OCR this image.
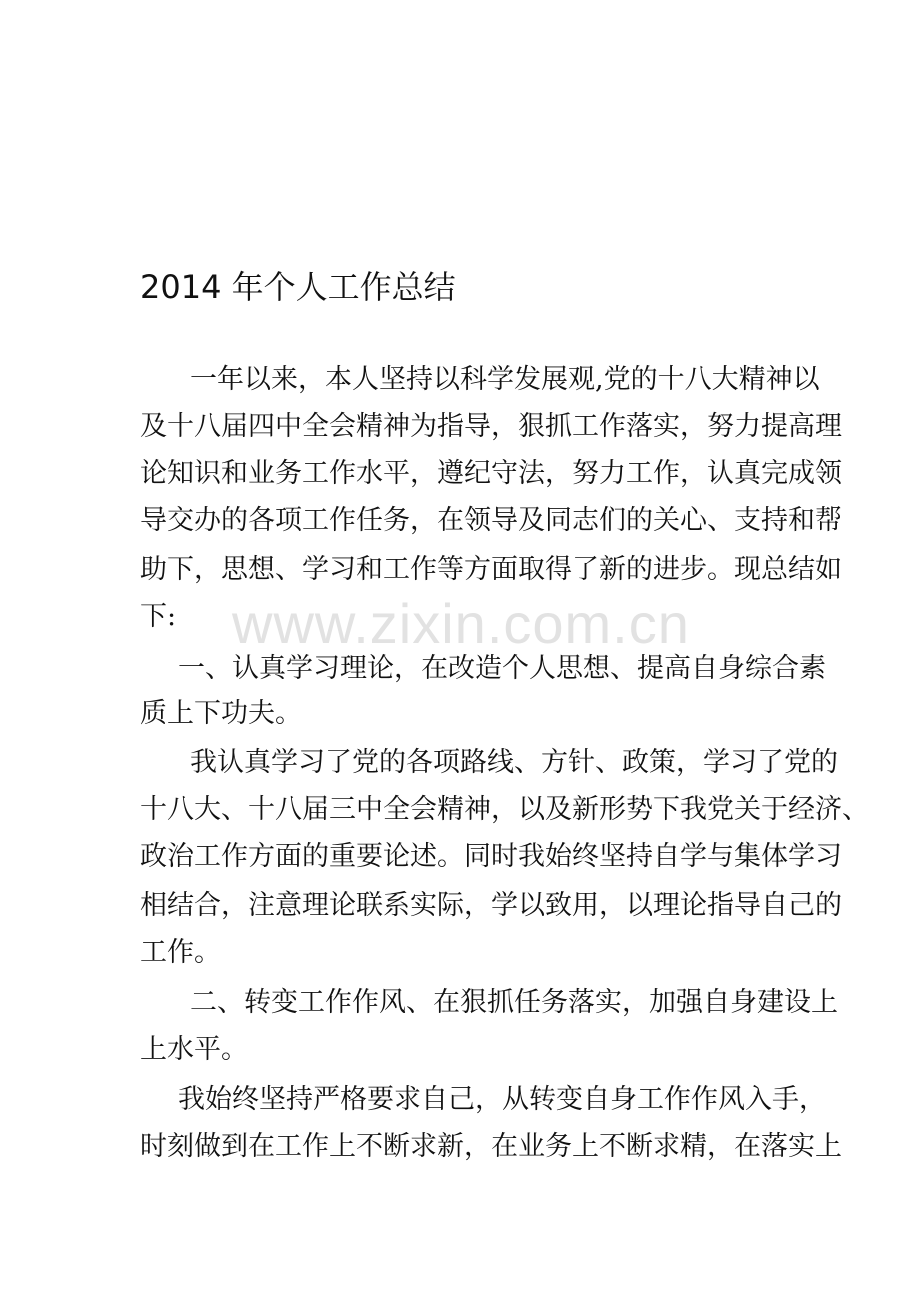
www.zixin.com.cn
2014 年个人工作总结
一年以来，本人坚持以科学发展观,党的十八大精神以
及十八届四中全会精神为指导，狠抓工作落实，努力提高理
论知识和业务工作水平，遵纪守法，努力工作，认真完成领
导交办的各项工作任务，在领导及同志们的关心、支持和帮
助下，思想、学习和工作等方面取得了新的进步。现总结如
下:
一、认真学习理论，在改造个人思想、提高自身综合素
质上下功夫。
我认真学习了党的各项路线、方针、政策，学习了党的
十八大、十八届三中全会精神，以及新形势下我党关于经济、
政治工作方面的重要论述。同时我始终坚持自学与集体学习
相结合，注意理论联系实际，学以致用，以理论指导自己的
工作。
二、转变工作作风、在狠抓任务落实，加强自身建设上
上水平。
我始终坚持严格要求自己，从转变自身工作作风入手，
时刻做到在工作上不断求新，在业务上不断求精，在落实上
